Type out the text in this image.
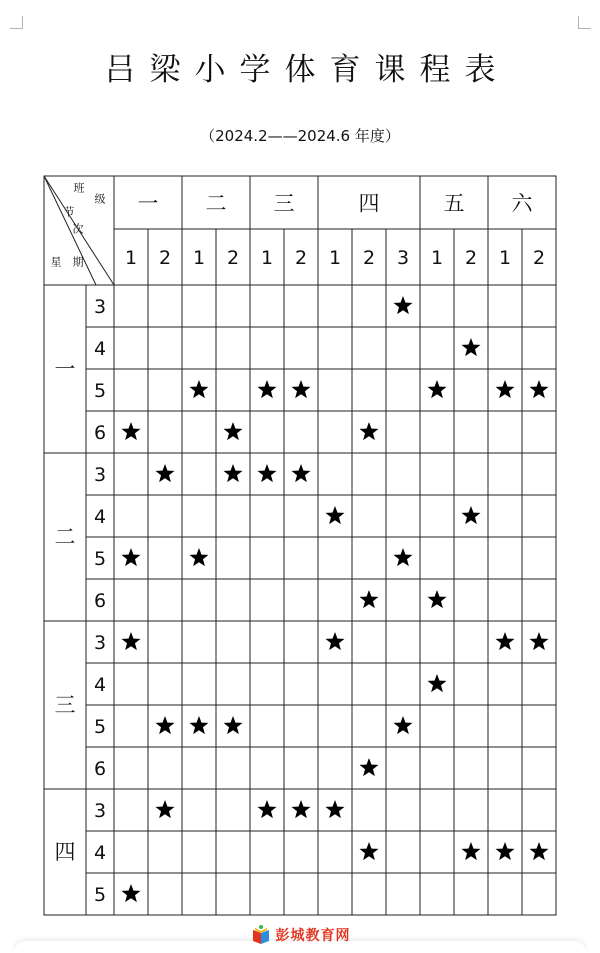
吕梁小学体育课程表
（2024.2——2024.6 年度）
班
级
节
次
星 期
一
1 2
二
1 2
三
1 2
四
1 2 3
五
1 2
六
1 2
一
3
4
5
6
二
3
4
5
6
三
3
4
5
6
四
3
4
5
彭城教育网
